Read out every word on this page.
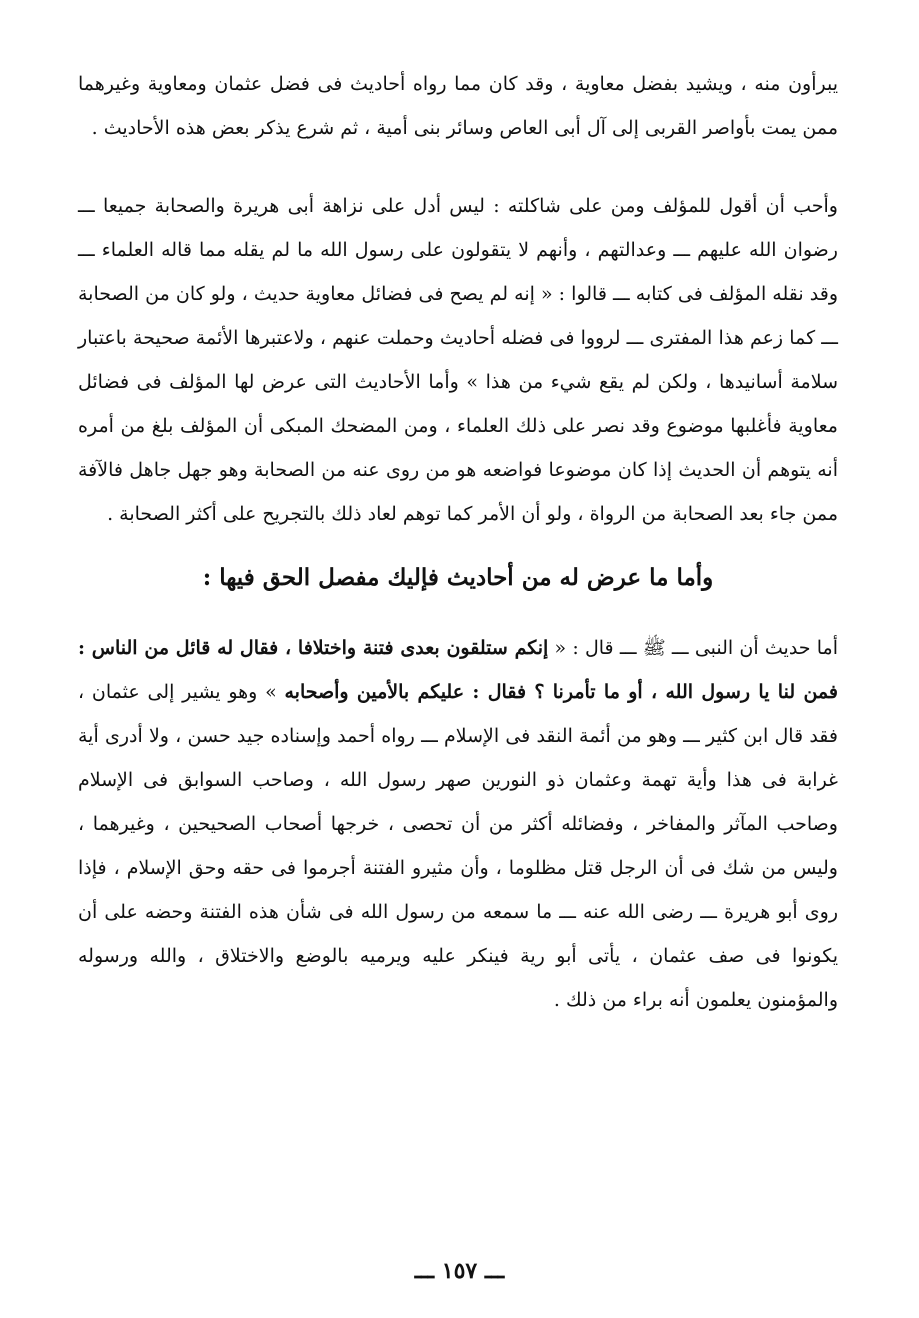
يبرأون منه ، ويشيد بفضل معاوية ، وقد كان مما رواه أحاديث فى فضل عثمان ومعاوية وغيرهما ممن يمت بأواصر القربى إلى آل أبى العاص وسائر بنى أمية ، ثم شرع يذكر بعض هذه الأحاديث .

وأحب أن أقول للمؤلف ومن على شاكلته : ليس أدل على نزاهة أبى هريرة والصحابة جميعا ـــ رضوان الله عليهم ـــ وعدالتهم ، وأنهم لا يتقولون على رسول الله ما لم يقله مما قاله العلماء ـــ وقد نقله المؤلف فى كتابه ـــ قالوا : « إنه لم يصح فى فضائل معاوية حديث ، ولو كان من الصحابة ـــ كما زعم هذا المفترى ـــ لرووا فى فضله أحاديث وحملت عنهم ، ولاعتبرها الأئمة صحيحة باعتبار سلامة أسانيدها ، ولكن لم يقع شيء من هذا » وأما الأحاديث التى عرض لها المؤلف فى فضائل معاوية فأغلبها موضوع وقد نصر على ذلك العلماء ، ومن المضحك المبكى أن المؤلف بلغ من أمره أنه يتوهم أن الحديث إذا كان موضوعا فواضعه هو من روى عنه من الصحابة وهو جهل جاهل فالآفة ممن جاء بعد الصحابة من الرواة ، ولو أن الأمر كما توهم لعاد ذلك بالتجريح على أكثر الصحابة .

وأما ما عرض له من أحاديث فإليك مفصل الحق فيها :

أما حديث أن النبى ـــ ﷺ ـــ قال : « إنكم ستلقون بعدى فتنة واختلافا ، فقال له قائل من الناس : فمن لنا يا رسول الله ، أو ما تأمرنا ؟ فقال : عليكم بالأمين وأصحابه » وهو يشير إلى عثمان ، فقد قال ابن كثير ـــ وهو من أئمة النقد فى الإسلام ـــ رواه أحمد وإسناده جيد حسن ، ولا أدرى أية غرابة فى هذا وأية تهمة وعثمان ذو النورين صهر رسول الله ، وصاحب السوابق فى الإسلام وصاحب المآثر والمفاخر ، وفضائله أكثر من أن تحصى ، خرجها أصحاب الصحيحين ، وغيرهما ، وليس من شك فى أن الرجل قتل مظلوما ، وأن مثيرو الفتنة أجرموا فى حقه وحق الإسلام ، فإذا روى أبو هريرة ـــ رضى الله عنه ـــ ما سمعه من رسول الله فى شأن هذه الفتنة وحضه على أن يكونوا فى صف عثمان ، يأتى أبو رية فينكر عليه ويرميه بالوضع والاختلاق ، والله ورسوله والمؤمنون يعلمون أنه براء من ذلك .

ـــ ١٥٧ ـــ
